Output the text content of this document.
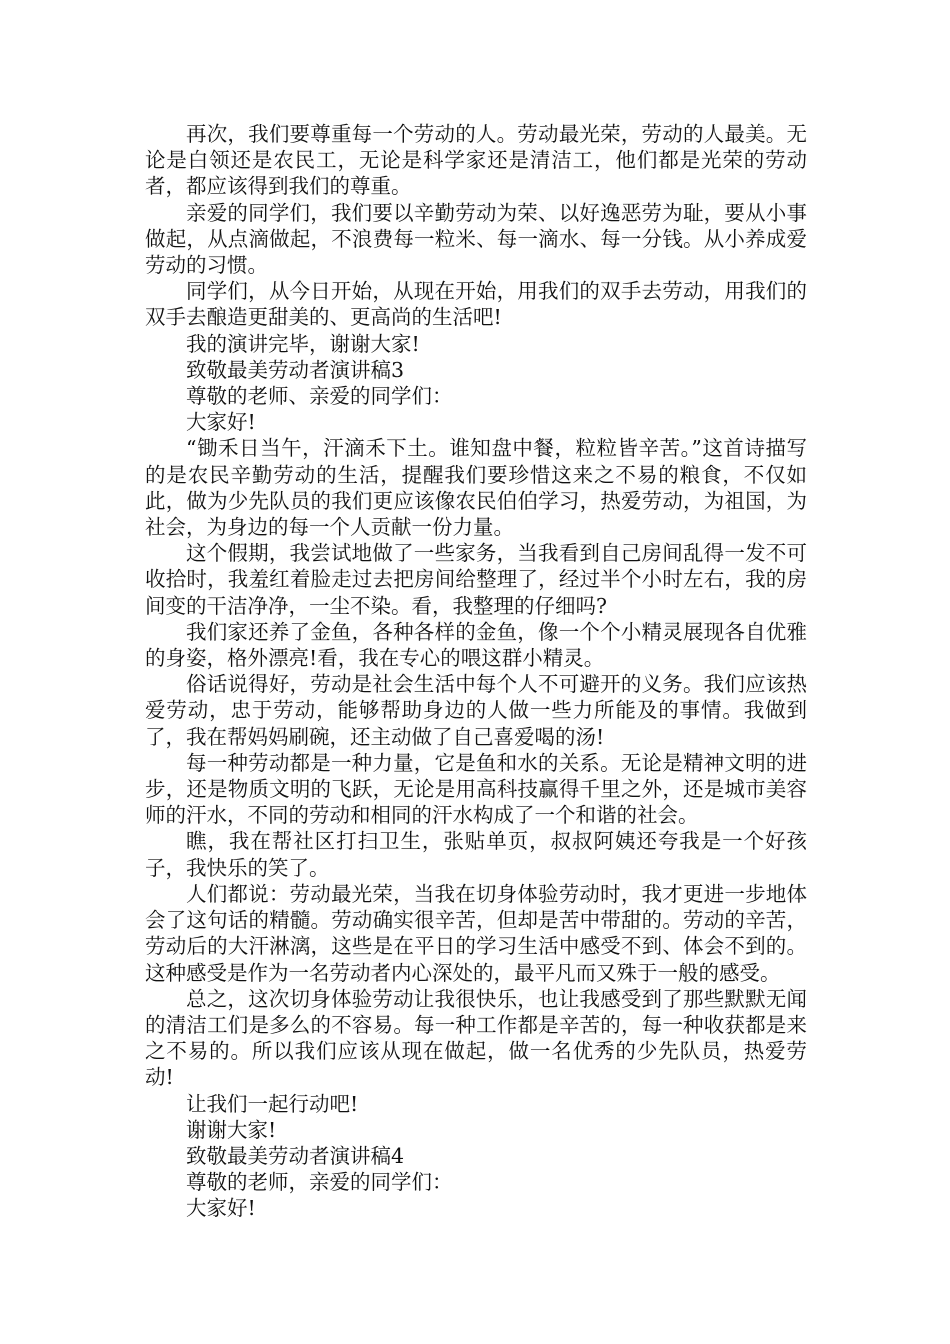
再次，我们要尊重每一个劳动的人。劳动最光荣，劳动的人最美。无论是白领还是农民工，无论是科学家还是清洁工，他们都是光荣的劳动者，都应该得到我们的尊重。

亲爱的同学们，我们要以辛勤劳动为荣、以好逸恶劳为耻，要从小事做起，从点滴做起，不浪费每一粒米、每一滴水、每一分钱。从小养成爱劳动的习惯。

同学们，从今日开始，从现在开始，用我们的双手去劳动，用我们的双手去酿造更甜美的、更高尚的生活吧!

我的演讲完毕，谢谢大家!

致敬最美劳动者演讲稿3

尊敬的老师、亲爱的同学们：

大家好!

“锄禾日当午，汗滴禾下土。谁知盘中餐，粒粒皆辛苦。”这首诗描写的是农民辛勤劳动的生活，提醒我们要珍惜这来之不易的粮食，不仅如此，做为少先队员的我们更应该像农民伯伯学习，热爱劳动，为祖国，为社会，为身边的每一个人贡献一份力量。

这个假期，我尝试地做了一些家务，当我看到自己房间乱得一发不可收拾时，我羞红着脸走过去把房间给整理了，经过半个小时左右，我的房间变的干洁净净，一尘不染。看，我整理的仔细吗?

我们家还养了金鱼，各种各样的金鱼，像一个个小精灵展现各自优雅的身姿，格外漂亮!看，我在专心的喂这群小精灵。

俗话说得好，劳动是社会生活中每个人不可避开的义务。我们应该热爱劳动，忠于劳动，能够帮助身边的人做一些力所能及的事情。我做到了，我在帮妈妈刷碗，还主动做了自己喜爱喝的汤!

每一种劳动都是一种力量，它是鱼和水的关系。无论是精神文明的进步，还是物质文明的飞跃，无论是用高科技赢得千里之外，还是城市美容师的汗水，不同的劳动和相同的汗水构成了一个和谐的社会。

瞧，我在帮社区打扫卫生，张贴单页，叔叔阿姨还夸我是一个好孩子，我快乐的笑了。

人们都说：劳动最光荣，当我在切身体验劳动时，我才更进一步地体会了这句话的精髓。劳动确实很辛苦，但却是苦中带甜的。劳动的辛苦，劳动后的大汗淋漓，这些是在平日的学习生活中感受不到、体会不到的。这种感受是作为一名劳动者内心深处的，最平凡而又殊于一般的感受。

总之，这次切身体验劳动让我很快乐，也让我感受到了那些默默无闻的清洁工们是多么的不容易。每一种工作都是辛苦的，每一种收获都是来之不易的。所以我们应该从现在做起，做一名优秀的少先队员，热爱劳动!

让我们一起行动吧!

谢谢大家!

致敬最美劳动者演讲稿4

尊敬的老师，亲爱的同学们：

大家好!
